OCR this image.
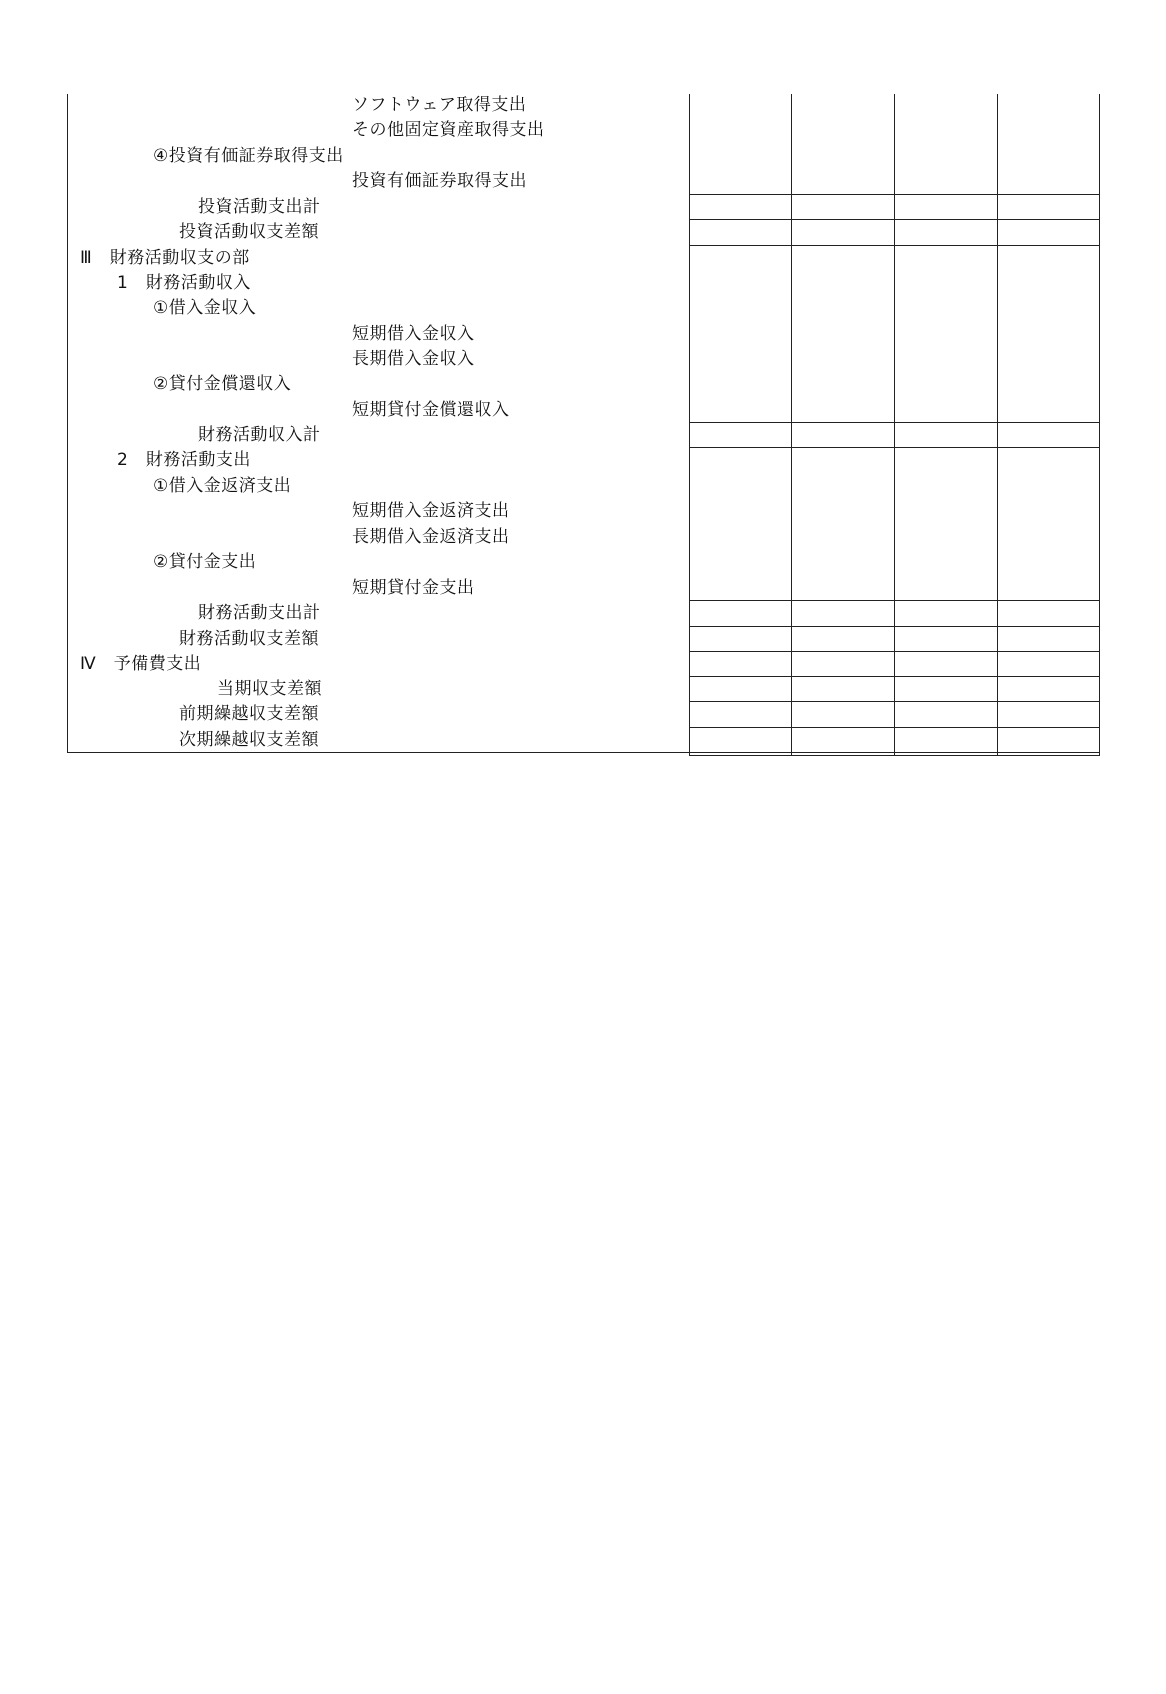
ソフトウェア取得支出
その他固定資産取得支出
④投資有価証券取得支出
投資有価証券取得支出
投資活動支出計
投資活動収支差額
Ⅲ　財務活動収支の部
1　財務活動収入
①借入金収入
短期借入金収入
長期借入金収入
②貸付金償還収入
短期貸付金償還収入
財務活動収入計
2　財務活動支出
①借入金返済支出
短期借入金返済支出
長期借入金返済支出
②貸付金支出
短期貸付金支出
財務活動支出計
財務活動収支差額
Ⅳ　予備費支出
当期収支差額
前期繰越収支差額
次期繰越収支差額
